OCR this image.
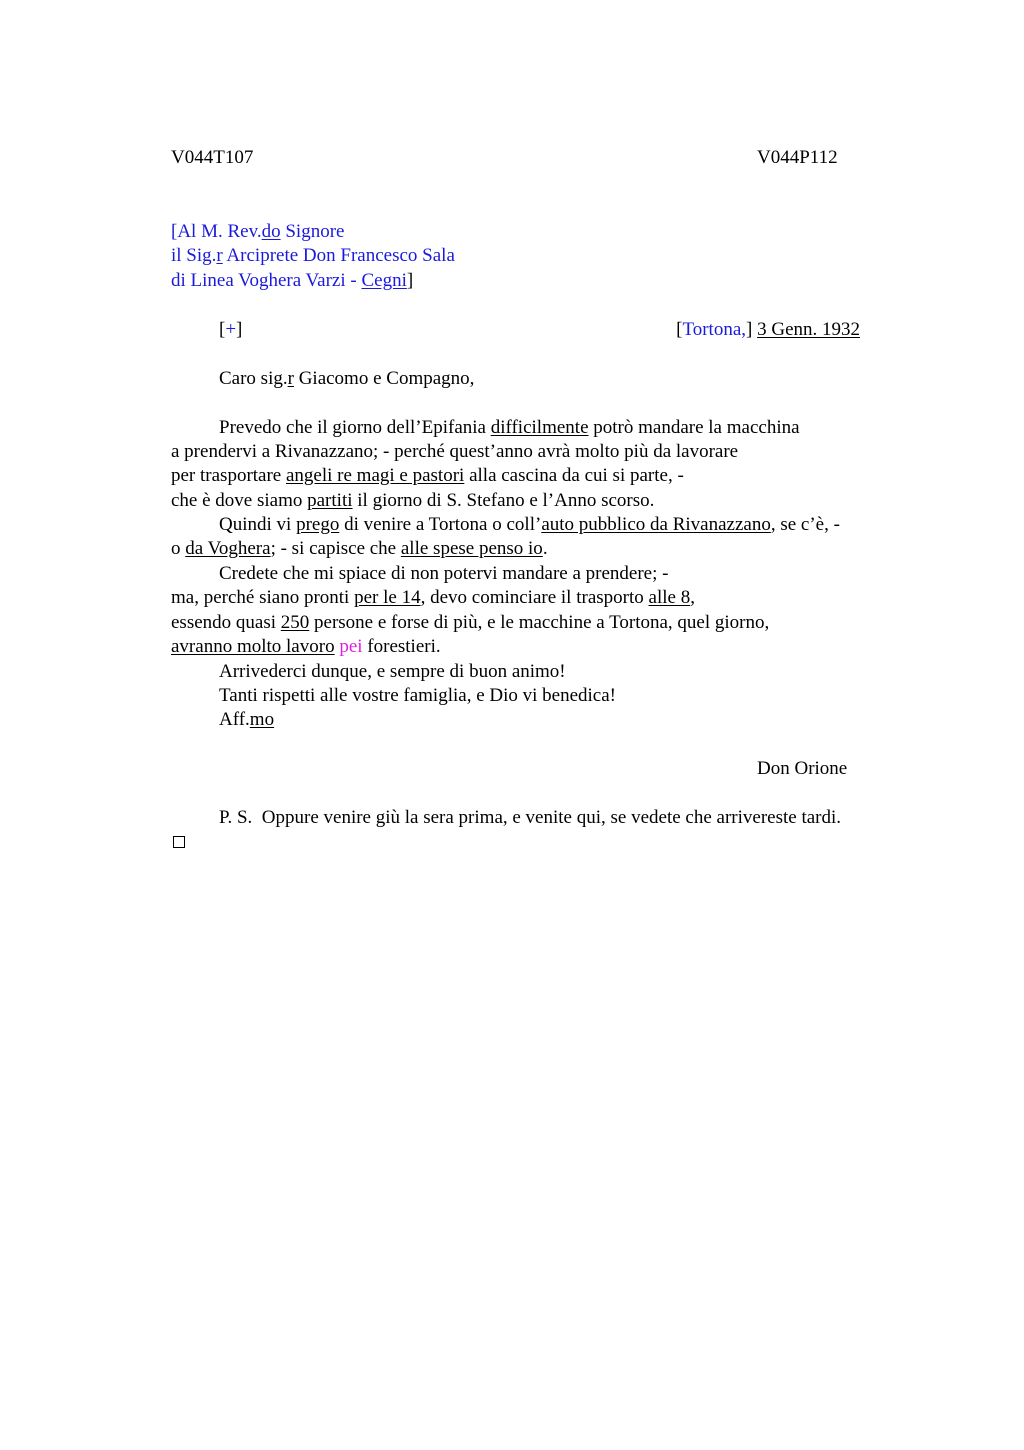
V044T107	V044P112
[Al M. Rev.do Signore
il Sig.r Arciprete Don Francesco Sala
di Linea Voghera Varzi - Cegni]
[+]	[Tortona,] 3 Genn. 1932
Caro sig.r Giacomo e Compagno,
Prevedo che il giorno dell’Epifania difficilmente potrò mandare la macchina
a prendervi a Rivanazzano; - perché quest’anno avrà molto più da lavorare
per trasportare angeli re magi e pastori alla cascina da cui si parte, -
che è dove siamo partiti il giorno di S. Stefano e l’Anno scorso.
Quindi vi prego di venire a Tortona o coll’auto pubblico da Rivanazzano, se c’è, -
o da Voghera; - si capisce che alle spese penso io.
Credete che mi spiace di non potervi mandare a prendere; -
ma, perché siano pronti per le 14, devo cominciare il trasporto alle 8,
essendo quasi 250 persone e forse di più, e le macchine a Tortona, quel giorno,
avranno molto lavoro pei forestieri.
Arrivederci dunque, e sempre di buon animo!
Tanti rispetti alle vostre famiglia, e Dio vi benedica!
Aff.mo
Don Orione
P. S.  Oppure venire giù la sera prima, e venite qui, se vedete che arrivereste tardi.
